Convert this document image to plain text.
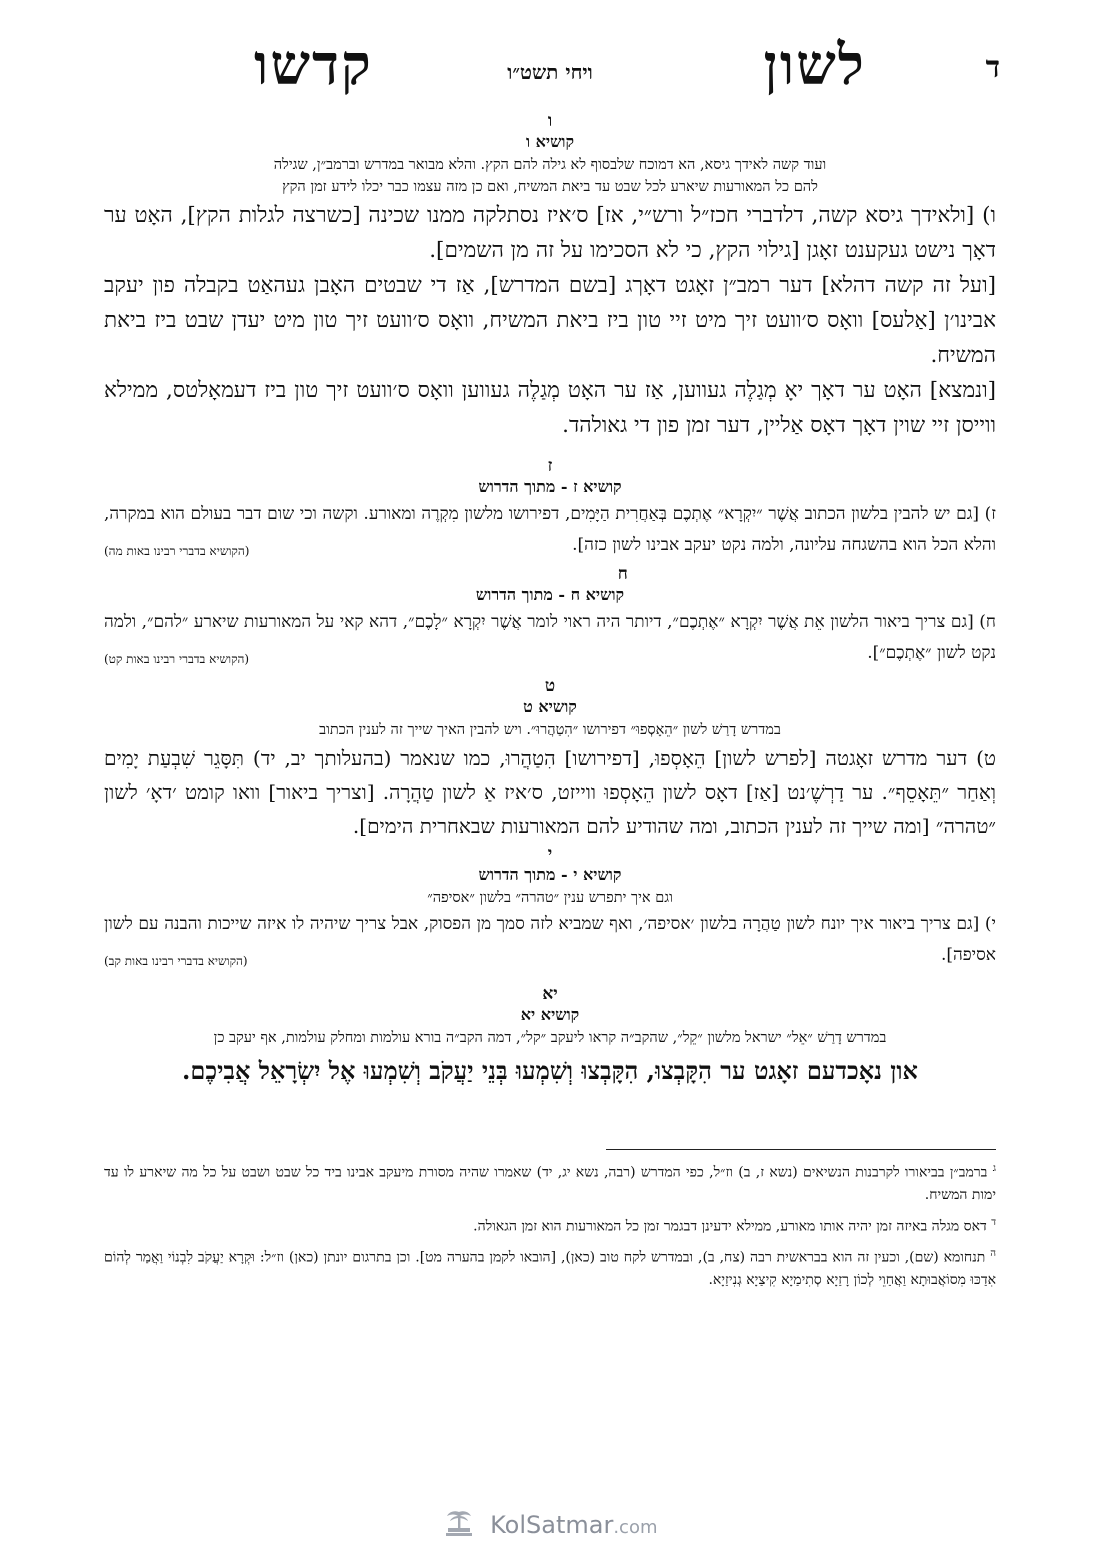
ד
לשון
ויחי תשט״ו
קדשו
ו
קושיא ו
ועוד קשה לאידך גיסא, הא דמוכח שלבסוף לא גילה להם הקץ. והלא מבואר במדרש וברמב״ן, שגילה
להם כל המאורעות שיארע לכל שבט עד ביאת המשיח, ואם כן מזה עצמו כבר יכלו לידע זמן הקץ

ו) [ולאידך גיסא קשה, דלדברי חכז״ל ורש״י, אז] ס׳איז נסתלקה ממנו שכינה [כשרצה לגלות הקץ], האָט ער דאָך נישט געקענט זאָגן [גילוי הקץ, כי לא הסכימו על זה מן השמים].

[ועל זה קשה דהלא] דער רמב״ן זאָגט דאָךג [בשם המדרש], אַז די שבטים האָבן געהאַט בקבלה פון יעקב אבינו׳ן [אַלעס] וואָס ס׳וועט זיך מיט זיי טון ביז ביאת המשיח, וואָס ס׳וועט זיך טון מיט יעדן שבט ביז ביאת המשיח.

[ונמצא] האָט ער דאָך יאָ מְגַלֶה געווען, אַז ער האָט מְגַלֶה געווען וואָס ס׳וועט זיך טון ביז דעמאָלטס, ממילא ווייסן זיי שוין דאָך דאָס אַליין, דער זמן פון די גאולהד.

ז
קושיא ז - מתוך הדרוש

ז) [גם יש להבין בלשון הכתוב אֲשֶׁר ״יִקְרָא״ אֶתְכֶם בְּאַחֲרִית הַיָּמִים, דפירושו מלשון מִקְרֶה ומאורע. וקשה וכי שום דבר בעולם הוא במקרה, והלא הכל הוא בהשגחה עליונה, ולמה נקט יעקב אבינו לשון כזה].
(הקושיא בדברי רבינו באות מה)

ח
קושיא ח - מתוך הדרוש

ח) [גם צריך ביאור הלשון אֵת אֲשֶׁר יִקְרָא ״אֶתְכֶם״, דיותר היה ראוי לומר אֲשֶׁר יִקְרָא ״לָכֶם״, דהא קאי על המאורעות שיארע ״להם״, ולמה נקט לשון ״אֶתְכֶם״].
(הקושיא בדברי רבינו באות קט)

ט
קושיא ט
במדרש דָרַשׁ לשון ״הֵאָסְפוּ״ דפירושו ״הִטַהֲרוּ״. ויש להבין האיך שייך זה לענין הכתוב

ט) דער מדרש זאָגטה [לפרש לשון] הֵאָסְפוּ, [דפירושו] הִטַהֲרוּ, כמו שנאמר (בהעלותך יב, יד) תִּסָּגֵר שִׁבְעַת יָמִים וְאַחַר ״תֵּאָסֵף״. ער דַרְשֶׁ׳נט [אַז] דאָס לשון הֵאָסְפוּ ווייזט, ס׳איז אַ לשון טַהֲרָה. [וצריך ביאור] וואו קומט ׳דאָ׳ לשון ״טהרה״ [ומה שייך זה לענין הכתוב, ומה שהודיע להם המאורעות שבאחרית הימים].

י
קושיא י - מתוך הדרוש
וגם איך יתפרש ענין ״טהרה״ בלשון ״אסיפה״

י) [גם צריך ביאור איך יונח לשון טַהֲרָה בלשון ׳אסיפה׳, ואף שמביא לזה סמך מן הפסוק, אבל צריך שיהיה לו איזה שייכות והבנה עם לשון אסיפה].
(הקושיא בדברי רבינו באות קב)

יא
קושיא יא
במדרש דָרַשׁ ״אֵל״ ישראל מלשון ״קֵל״, שהקב״ה קראו ליעקב ״קל״, דמה הקב״ה בורא עולמות ומחלק עולמות, אף יעקב כן

און נאָכדעם זאָגט ער הִקָּבְצוּ, הִקָּבְצוּ וְשִׁמְעוּ בְּנֵי יַעֲקֹב וְשִׁמְעוּ אֶל יִשְׂרָאֵל אֲבִיכֶם.

$^ג$ ברמב״ן בביאורו לקרבנות הנשיאים (נשא ז, ב) וז״ל, כפי המדרש (רבה, נשא יג, יד) שאמרו שהיה מסורת מיעקב אבינו ביד כל שבט ושבט על כל מה שיארע לו עד ימות המשיח.

$^ד$ דאס מגלה באיזה זמן יהיה אותו מאורע, ממילא ידעינן דבגמר זמן כל המאורעות הוא זמן הגאולה.

$^ה$ תנחומא (שם), וכעין זה הוא בבראשית רבה (צח, ב), ובמדרש לקח טוב (כאן), [הובאו לקמן בהערה מט]. וכן בתרגום יונתן (כאן) וז״ל: וּקְרָא יַעֲקֹב לִבְנוֹי וַאֲמַר לְהוֹם אִדַכּוּ מִסוֹאֲבוּתָא וַאֲחַוֵי לְכוֹן רָזַיָא סְתִימַיָא קִיצַיָא גְנִיזַיָא.

KolSatmar.com
